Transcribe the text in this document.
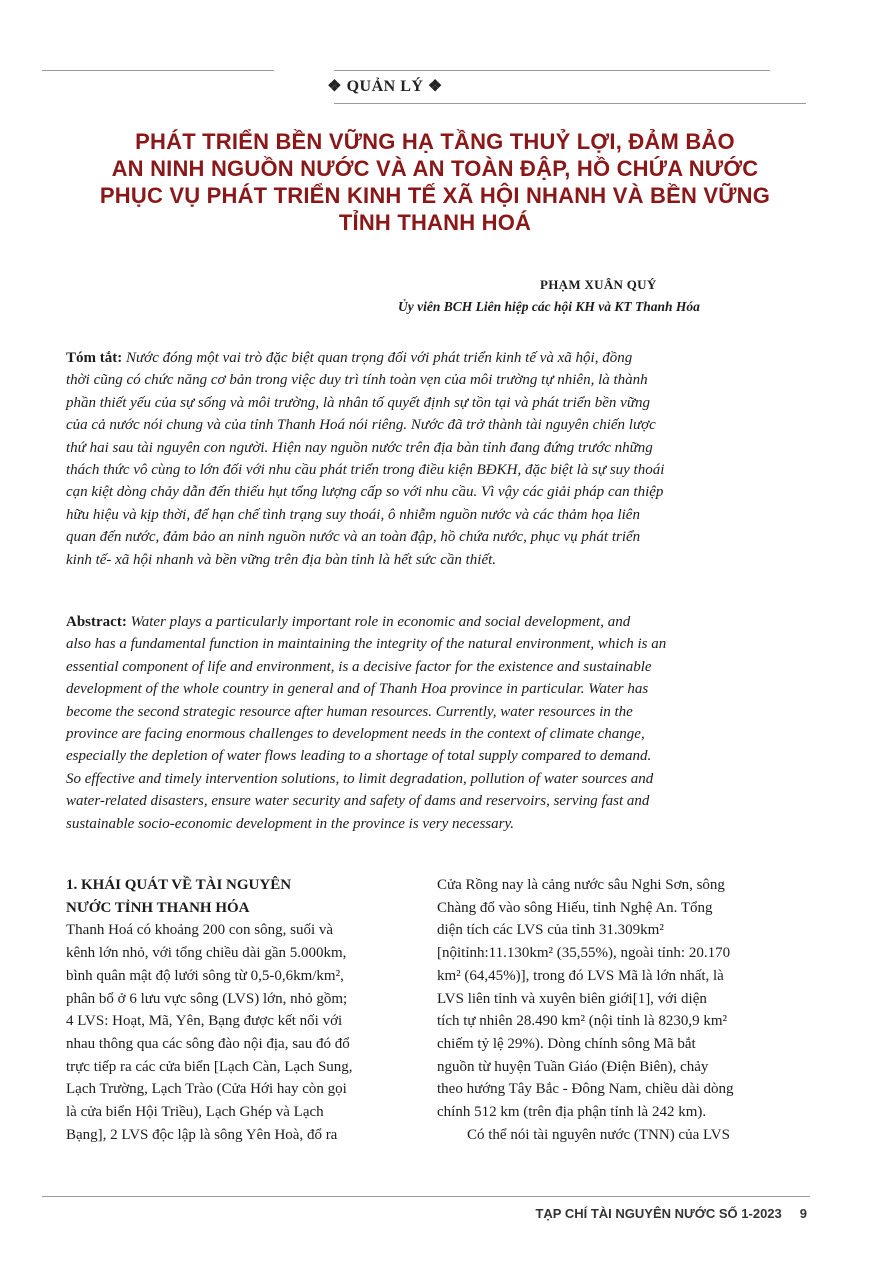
❖ QUẢN LÝ ❖
PHÁT TRIỂN BỀN VỮNG HẠ TẦNG THUỶ LỢI, ĐẢM BẢO
AN NINH NGUỒN NƯỚC VÀ AN TOÀN ĐẬP, HỒ CHỨA NƯỚC
PHỤC VỤ PHÁT TRIỂN KINH TẾ XÃ HỘI NHANH VÀ BỀN VỮNG
TỈNH THANH HOÁ
PHẠM XUÂN QUÝ
Ủy viên BCH Liên hiệp các hội KH và KT Thanh Hóa
Tóm tắt: Nước đóng một vai trò đặc biệt quan trọng đối với phát triển kinh tế và xã hội, đồng
thời cũng có chức năng cơ bản trong việc duy trì tính toàn vẹn của môi trường tự nhiên, là thành
phần thiết yếu của sự sống và môi trường, là nhân tố quyết định sự tồn tại và phát triển bền vững
của cả nước nói chung và của tỉnh Thanh Hoá nói riêng. Nước đã trở thành tài nguyên chiến lược
thứ hai sau tài nguyên con người. Hiện nay nguồn nước trên địa bàn tỉnh đang đứng trước những
thách thức vô cùng to lớn đối với nhu cầu phát triển trong điều kiện BĐKH, đặc biệt là sự suy thoái
cạn kiệt dòng chảy dẫn đến thiếu hụt tổng lượng cấp so với nhu cầu. Vì vậy các giải pháp can thiệp
hữu hiệu và kịp thời, để hạn chế tình trạng suy thoái, ô nhiễm nguồn nước và các thảm họa liên
quan đến nước, đảm bảo an ninh nguồn nước và an toàn đập, hồ chứa nước, phục vụ phát triển
kinh tế- xã hội nhanh và bền vững trên địa bàn tỉnh là hết sức cần thiết.
Abstract: Water plays a particularly important role in economic and social development, and
also has a fundamental function in maintaining the integrity of the natural environment, which is an
essential component of life and environment, is a decisive factor for the existence and sustainable
development of the whole country in general and of Thanh Hoa province in particular. Water has
become the second strategic resource after human resources. Currently, water resources in the
province are facing enormous challenges to development needs in the context of climate change,
especially the depletion of water flows leading to a shortage of total supply compared to demand.
So effective and timely intervention solutions, to limit degradation, pollution of water sources and
water-related disasters, ensure water security and safety of dams and reservoirs, serving fast and
sustainable socio-economic development in the province is very necessary.
1. KHÁI QUÁT VỀ TÀI NGUYÊN
NƯỚC TỈNH THANH HÓA
Thanh Hoá có khoảng 200 con sông, suối và
kênh lớn nhỏ, với tổng chiều dài gần 5.000km,
bình quân mật độ lưới sông từ 0,5-0,6km/km²,
phân bổ ở 6 lưu vực sông (LVS) lớn, nhỏ gồm;
4 LVS: Hoạt, Mã, Yên, Bạng được kết nối với
nhau thông qua các sông đào nội địa, sau đó đổ
trực tiếp ra các cửa biển [Lạch Càn, Lạch Sung,
Lạch Trường, Lạch Trào (Cửa Hới hay còn gọi
là cửa biển Hội Triều), Lạch Ghép và Lạch
Bạng], 2 LVS độc lập là sông Yên Hoà, đổ ra
Cửa Rồng nay là cảng nước sâu Nghi Sơn, sông
Chàng đổ vào sông Hiếu, tỉnh Nghệ An. Tổng
diện tích các LVS của tỉnh 31.309km²
[nộitỉnh:11.130km² (35,55%), ngoài tỉnh: 20.170
km² (64,45%)], trong đó LVS Mã là lớn nhất, là
LVS liên tỉnh và xuyên biên giới[1], với diện
tích tự nhiên 28.490 km² (nội tỉnh là 8230,9 km²
chiếm tỷ lệ 29%). Dòng chính sông Mã bắt
nguồn từ huyện Tuần Giáo (Điện Biên), chảy
theo hướng Tây Bắc - Đông Nam, chiều dài dòng
chính 512 km (trên địa phận tỉnh là 242 km).
Có thể nói tài nguyên nước (TNN) của LVS
TẠP CHÍ TÀI NGUYÊN NƯỚC SỐ 1-2023 9
